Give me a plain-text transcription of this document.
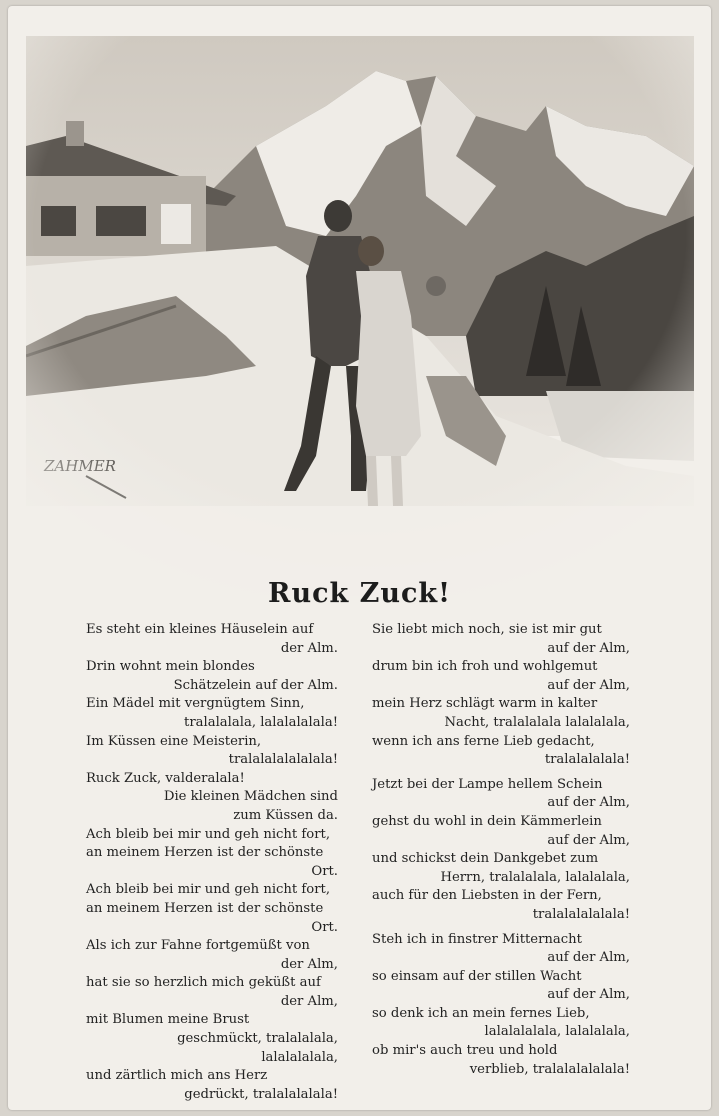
Ruck Zuck!
Es steht ein kleines Häuselein auf
der Alm.
Drin wohnt mein blondes
Schätzelein auf der Alm.
Ein Mädel mit vergnügtem Sinn,
tralalalala, lalalalalala!
Im Küssen eine Meisterin,
tralalalalalalala!
Ruck Zuck, valderalala!
Die kleinen Mädchen sind
zum Küssen da.
Ach bleib bei mir und geh nicht fort,
an meinem Herzen ist der schönste
Ort.
Ach bleib bei mir und geh nicht fort,
an meinem Herzen ist der schönste
Ort.
Als ich zur Fahne fortgemüßt von
der Alm,
hat sie so herzlich mich geküßt auf
der Alm,
mit Blumen meine Brust
geschmückt, tralalalala,
lalalalalala,
und zärtlich mich ans Herz
gedrückt, tralalalalala!
Sie liebt mich noch, sie ist mir gut
auf der Alm,
drum bin ich froh und wohlgemut
auf der Alm,
mein Herz schlägt warm in kalter
Nacht, tralalalala lalalalala,
wenn ich ans ferne Lieb gedacht,
tralalalalala!
Jetzt bei der Lampe hellem Schein
auf der Alm,
gehst du wohl in dein Kämmerlein
auf der Alm,
und schickst dein Dankgebet zum
Herrn, tralalalala, lalalalala,
auch für den Liebsten in der Fern,
tralalalalalala!
Steh ich in finstrer Mitternacht
auf der Alm,
so einsam auf der stillen Wacht
auf der Alm,
so denk ich an mein fernes Lieb,
lalalalalala, lalalalala,
ob mir's auch treu und hold
verblieb, tralalalalalala!
